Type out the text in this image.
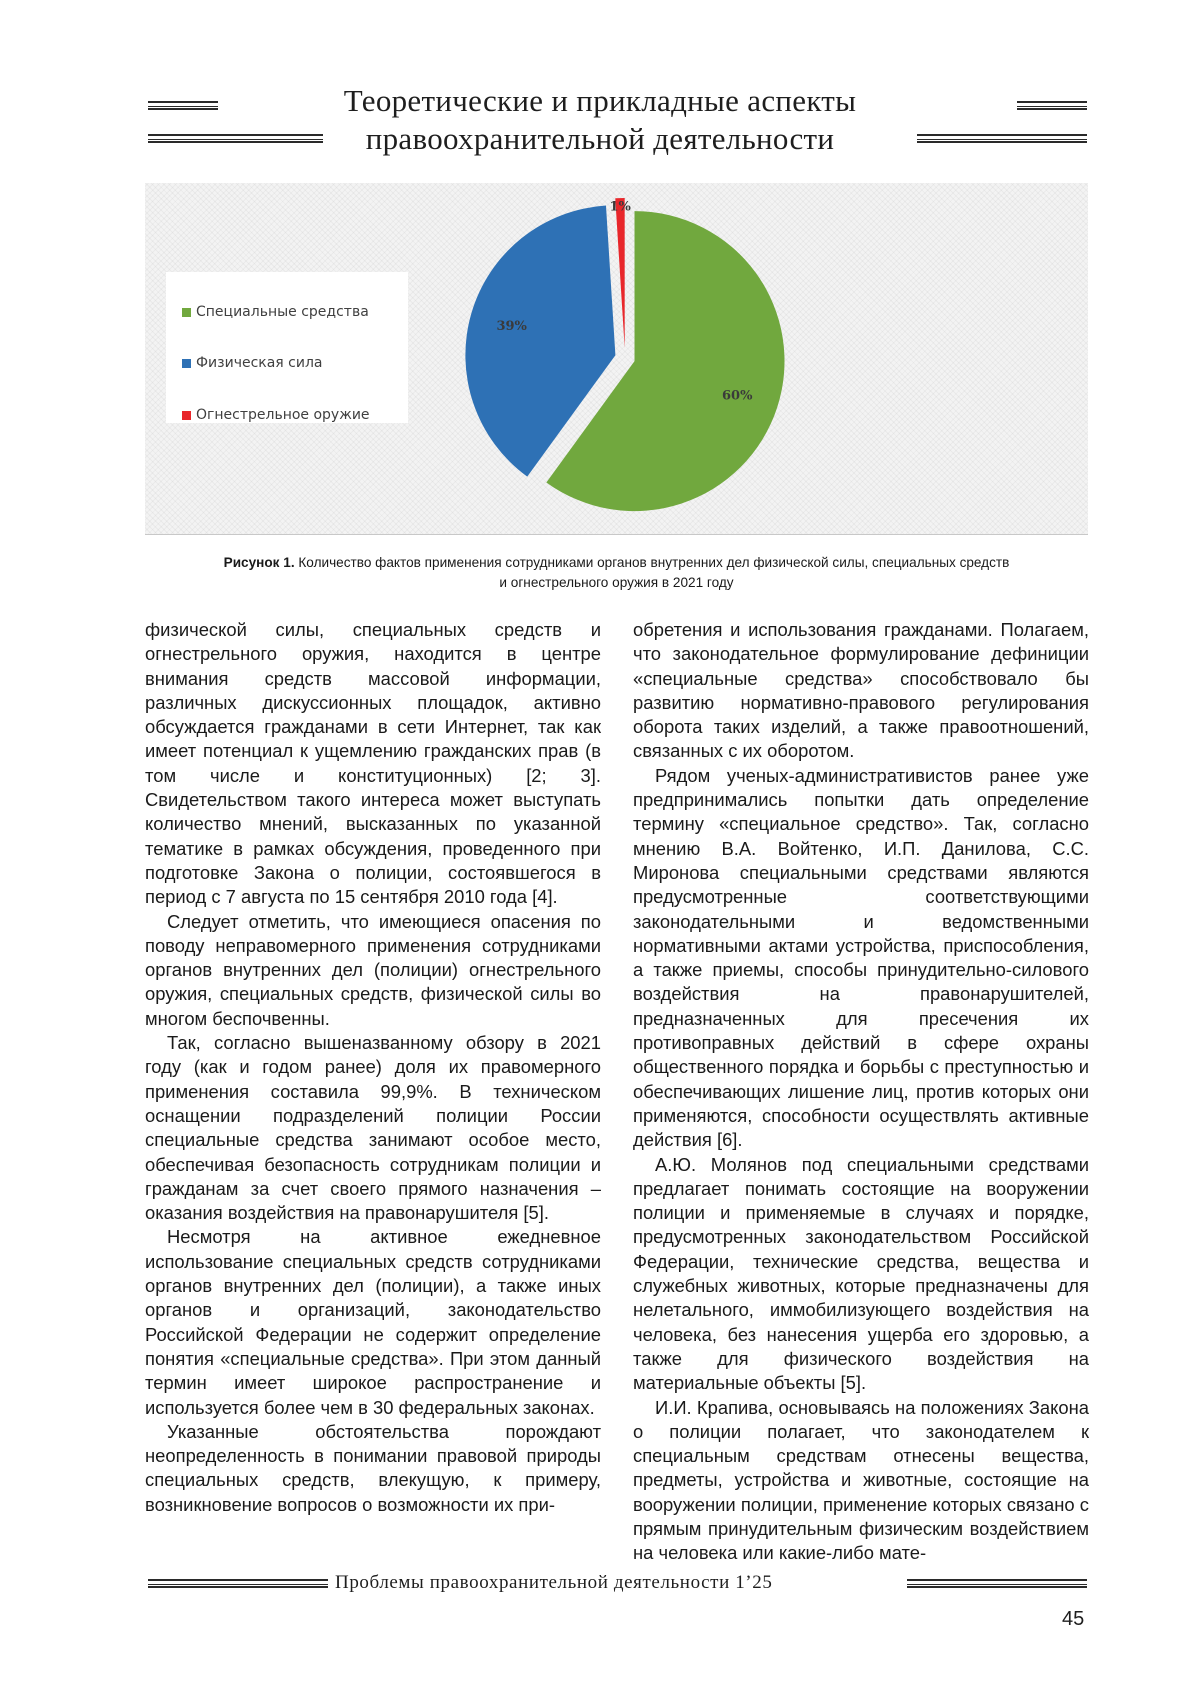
Теоретические и прикладные аспекты
правоохранительной деятельности
60%
39%
1%
Специальные средства
Физическая сила
Огнестрельное оружие
Рисунок 1. Количество фактов применения сотрудниками органов внутренних дел физической силы, специальных средств
и огнестрельного оружия в 2021 году

физической силы, специальных средств и огнестрельного оружия, находится в центре внимания средств массовой информации, различных дискуссионных площадок, активно обсуждается гражданами в сети Интернет, так как имеет потенциал к ущемлению гражданских прав (в том числе и конституционных) [2; 3]. Свидетельством такого интереса может выступать количество мнений, высказанных по указанной тематике в рамках обсуждения, проведенного при подготовке Закона о полиции, состоявшегося в период с 7 августа по 15 сентября 2010 года [4].

Следует отметить, что имеющиеся опасения по поводу неправомерного применения сотрудниками органов внутренних дел (полиции) огнестрельного оружия, специальных средств, физической силы во многом беспочвенны.

Так, согласно вышеназванному обзору в 2021 году (как и годом ранее) доля их правомерного применения составила 99,9%. В техническом оснащении подразделений полиции России специальные средства занимают особое место, обеспечивая безопасность сотрудникам полиции и гражданам за счет своего прямого назначения – оказания воздействия на правонарушителя [5].

Несмотря на активное ежедневное использование специальных средств сотрудниками органов внутренних дел (полиции), а также иных органов и организаций, законодательство Российской Федерации не содержит определение понятия «специальные средства». При этом данный термин имеет широкое распространение и используется более чем в 30 федеральных законах.

Указанные обстоятельства порождают неопределенность в понимании правовой природы специальных средств, влекущую, к примеру, возникновение вопросов о возможности их при-

обретения и использования гражданами. Полагаем, что законодательное формулирование дефиниции «специальные средства» способствовало бы развитию нормативно-правового регулирования оборота таких изделий, а также правоотношений, связанных с их оборотом.

Рядом ученых-административистов ранее уже предпринимались попытки дать определение термину «специальное средство». Так, согласно мнению В.А. Войтенко, И.П. Данилова, С.С. Миронова специальными средствами являются предусмотренные соответствующими законодательными и ведомственными нормативными актами устройства, приспособления, а также приемы, способы принудительно-силового воздействия на правонарушителей, предназначенных для пресечения их противоправных действий в сфере охраны общественного порядка и борьбы с преступностью и обеспечивающих лишение лиц, против которых они применяются, способности осуществлять активные действия [6].

А.Ю. Молянов под специальными средствами предлагает понимать состоящие на вооружении полиции и применяемые в случаях и порядке, предусмотренных законодательством Российской Федерации, технические средства, вещества и служебных животных, которые предназначены для нелетального, иммобилизующего воздействия на человека, без нанесения ущерба его здоровью, а также для физического воздействия на материальные объекты [5].

И.И. Крапива, основываясь на положениях Закона о полиции полагает, что законодателем к специальным средствам отнесены вещества, предметы, устройства и животные, состоящие на вооружении полиции, применение которых связано с прямым принудительным физическим воздействием на человека или какие-либо мате-

Проблемы правоохранительной деятельности 1’25
45
